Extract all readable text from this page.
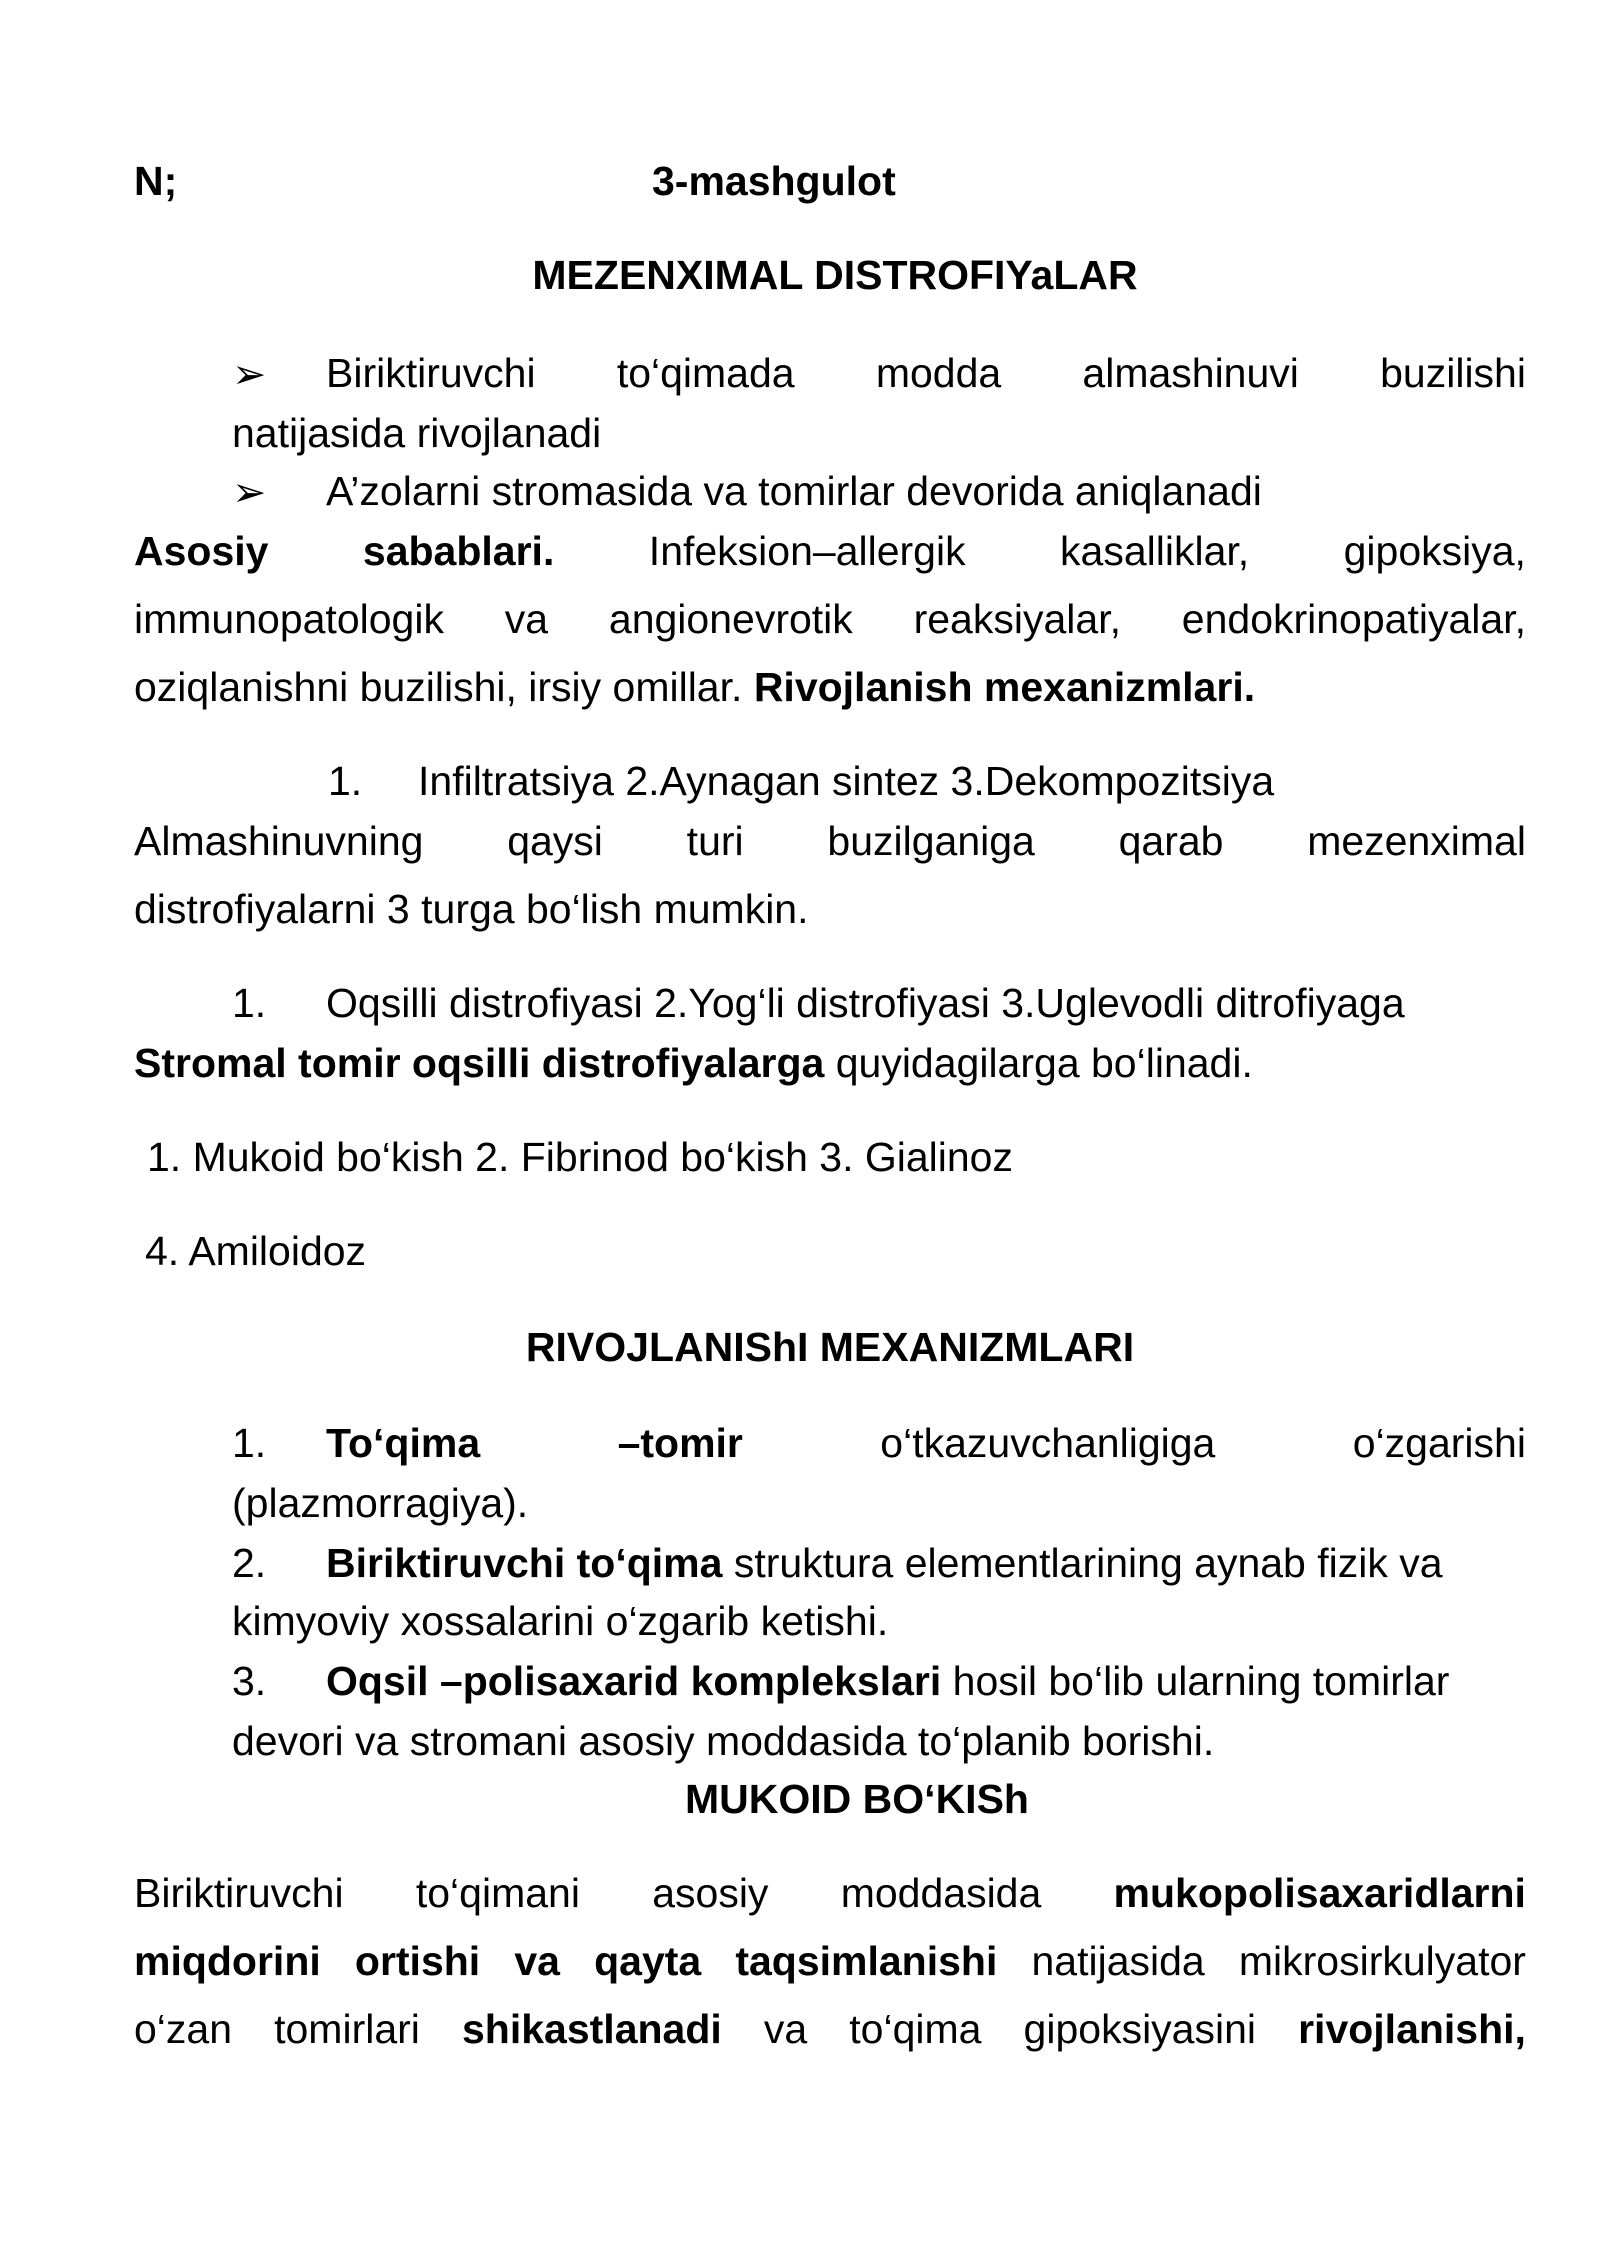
N;	3-mashgulot
MEZENXIMAL DISTROFIYaLAR
➢ Biriktiruvchi to‘qimada modda almashinuvi buzilishi
natijasida rivojlanadi
➢ A’zolarni stromasida va tomirlar devorida aniqlanadi
Asosiy sabablari. Infeksion–allergik kasalliklar, gipoksiya,
immunopatologik va angionevrotik reaksiyalar, endokrinopatiyalar,
oziqlanishni buzilishi, irsiy omillar. Rivojlanish mexanizmlari.
1. Infiltratsiya 2.Aynagan sintez 3.Dekompozitsiya
Almashinuvning qaysi turi buzilganiga qarab mezenximal
distrofiyalarni 3 turga bo‘lish mumkin.
1. Oqsilli distrofiyasi 2.Yog‘li distrofiyasi 3.Uglevodli ditrofiyaga
Stromal tomir oqsilli distrofiyalarga quyidagilarga bo‘linadi.
1. Mukoid bo‘kish 2. Fibrinod bo‘kish 3. Gialinoz
4. Amiloidoz
RIVOJLANIShI MEXANIZMLARI
1. To‘qima	–tomir	o‘tkazuvchanligiga	o‘zgarishi
(plazmorragiya).
2. Biriktiruvchi to‘qima struktura elementlarining aynab fizik va
kimyoviy xossalarini o‘zgarib ketishi.
3. Oqsil –polisaxarid komplekslari hosil bo‘lib ularning tomirlar
devori va stromani asosiy moddasida to‘planib borishi.
MUKOID BO‘KISh
Biriktiruvchi to‘qimani asosiy moddasida mukopolisaxaridlarni
miqdorini ortishi va qayta taqsimlanishi natijasida mikrosirkulyator
o‘zan tomirlari shikastlanadi va to‘qima gipoksiyasini rivojlanishi,
